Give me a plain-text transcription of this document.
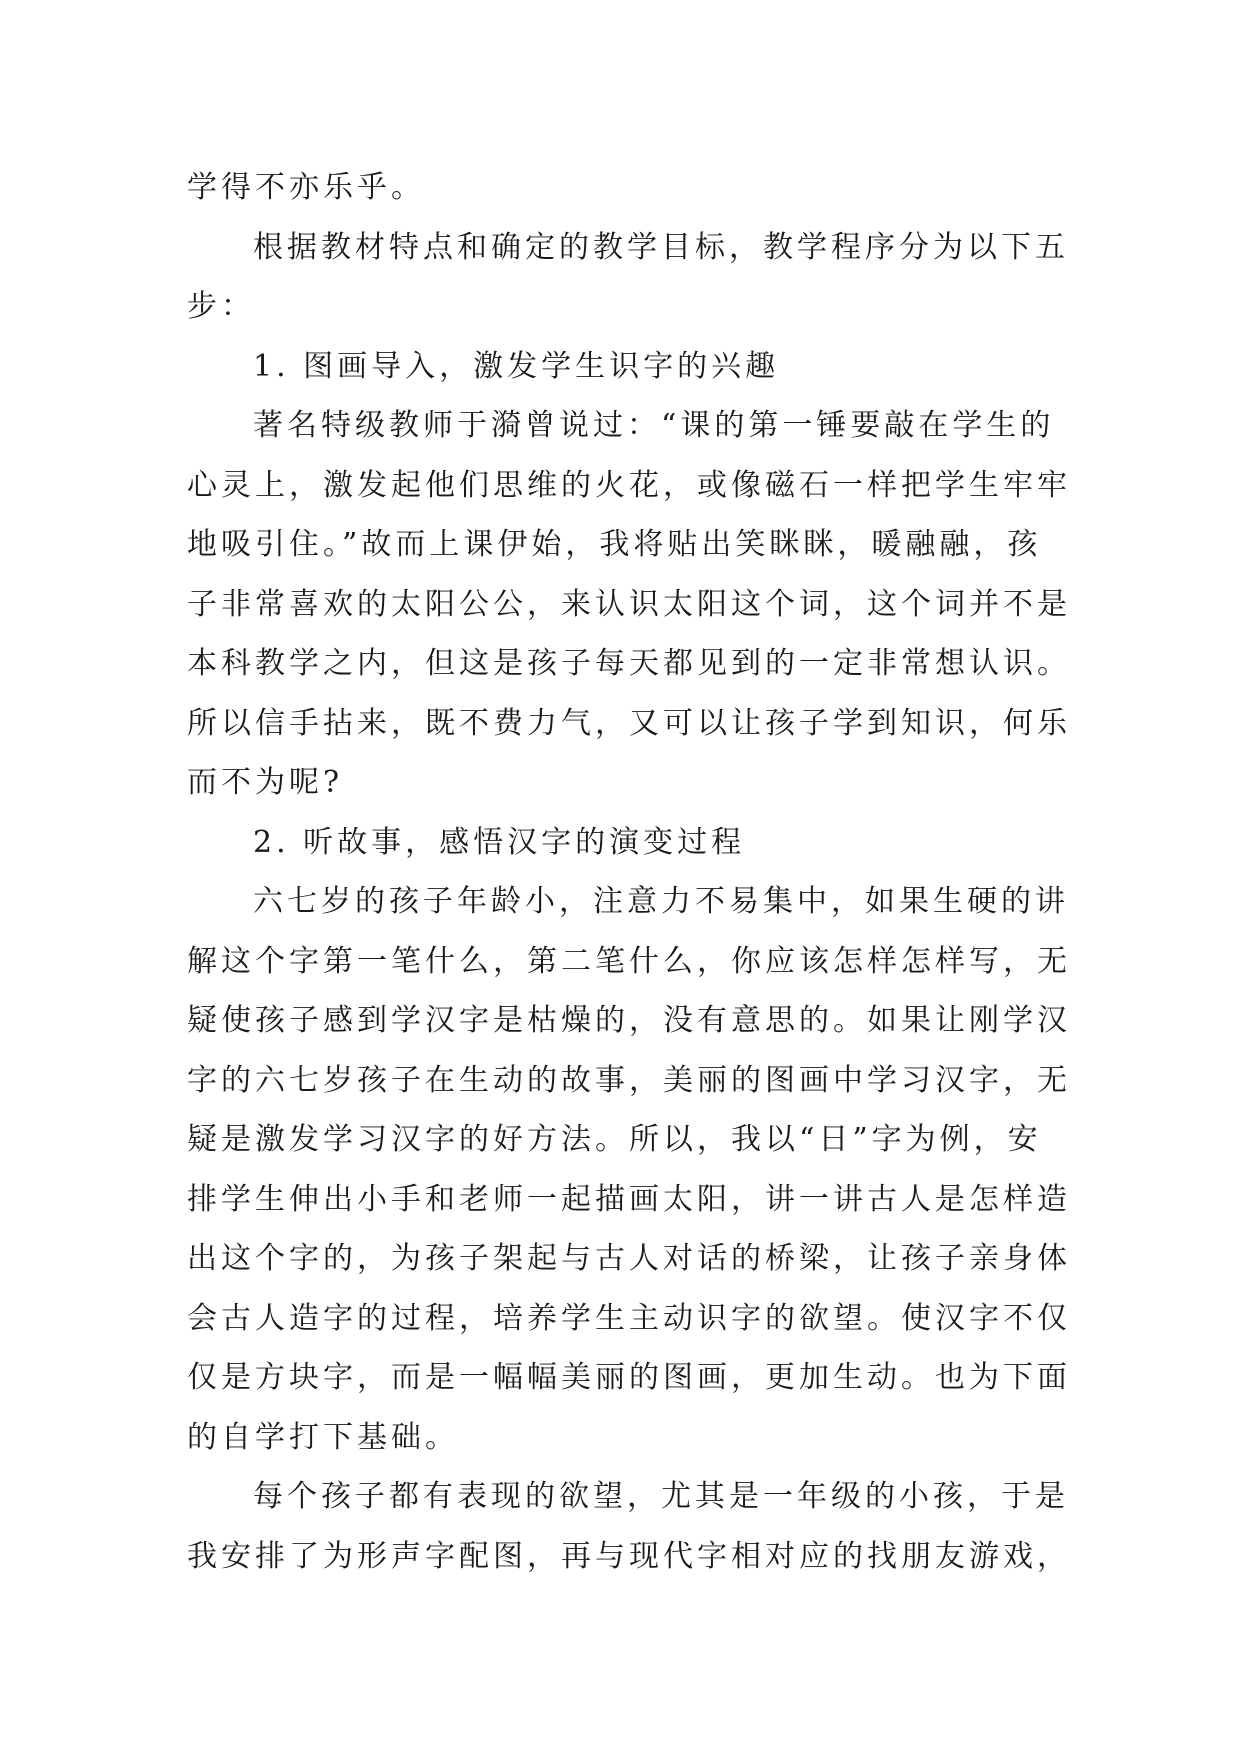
学得不亦乐乎。
根据教材特点和确定的教学目标，教学程序分为以下五
步：
1. 图画导入，激发学生识字的兴趣
著名特级教师于漪曾说过：“课的第一锤要敲在学生的
心灵上，激发起他们思维的火花，或像磁石一样把学生牢牢
地吸引住。”故而上课伊始，我将贴出笑眯眯，暖融融，孩
子非常喜欢的太阳公公，来认识太阳这个词，这个词并不是
本科教学之内，但这是孩子每天都见到的一定非常想认识。
所以信手拈来，既不费力气，又可以让孩子学到知识，何乐
而不为呢?
2. 听故事，感悟汉字的演变过程
六七岁的孩子年龄小，注意力不易集中，如果生硬的讲
解这个字第一笔什么，第二笔什么，你应该怎样怎样写，无
疑使孩子感到学汉字是枯燥的，没有意思的。如果让刚学汉
字的六七岁孩子在生动的故事，美丽的图画中学习汉字，无
疑是激发学习汉字的好方法。所以，我以“日”字为例，安
排学生伸出小手和老师一起描画太阳，讲一讲古人是怎样造
出这个字的，为孩子架起与古人对话的桥梁，让孩子亲身体
会古人造字的过程，培养学生主动识字的欲望。使汉字不仅
仅是方块字，而是一幅幅美丽的图画，更加生动。也为下面
的自学打下基础。
每个孩子都有表现的欲望，尤其是一年级的小孩，于是
我安排了为形声字配图，再与现代字相对应的找朋友游戏，
